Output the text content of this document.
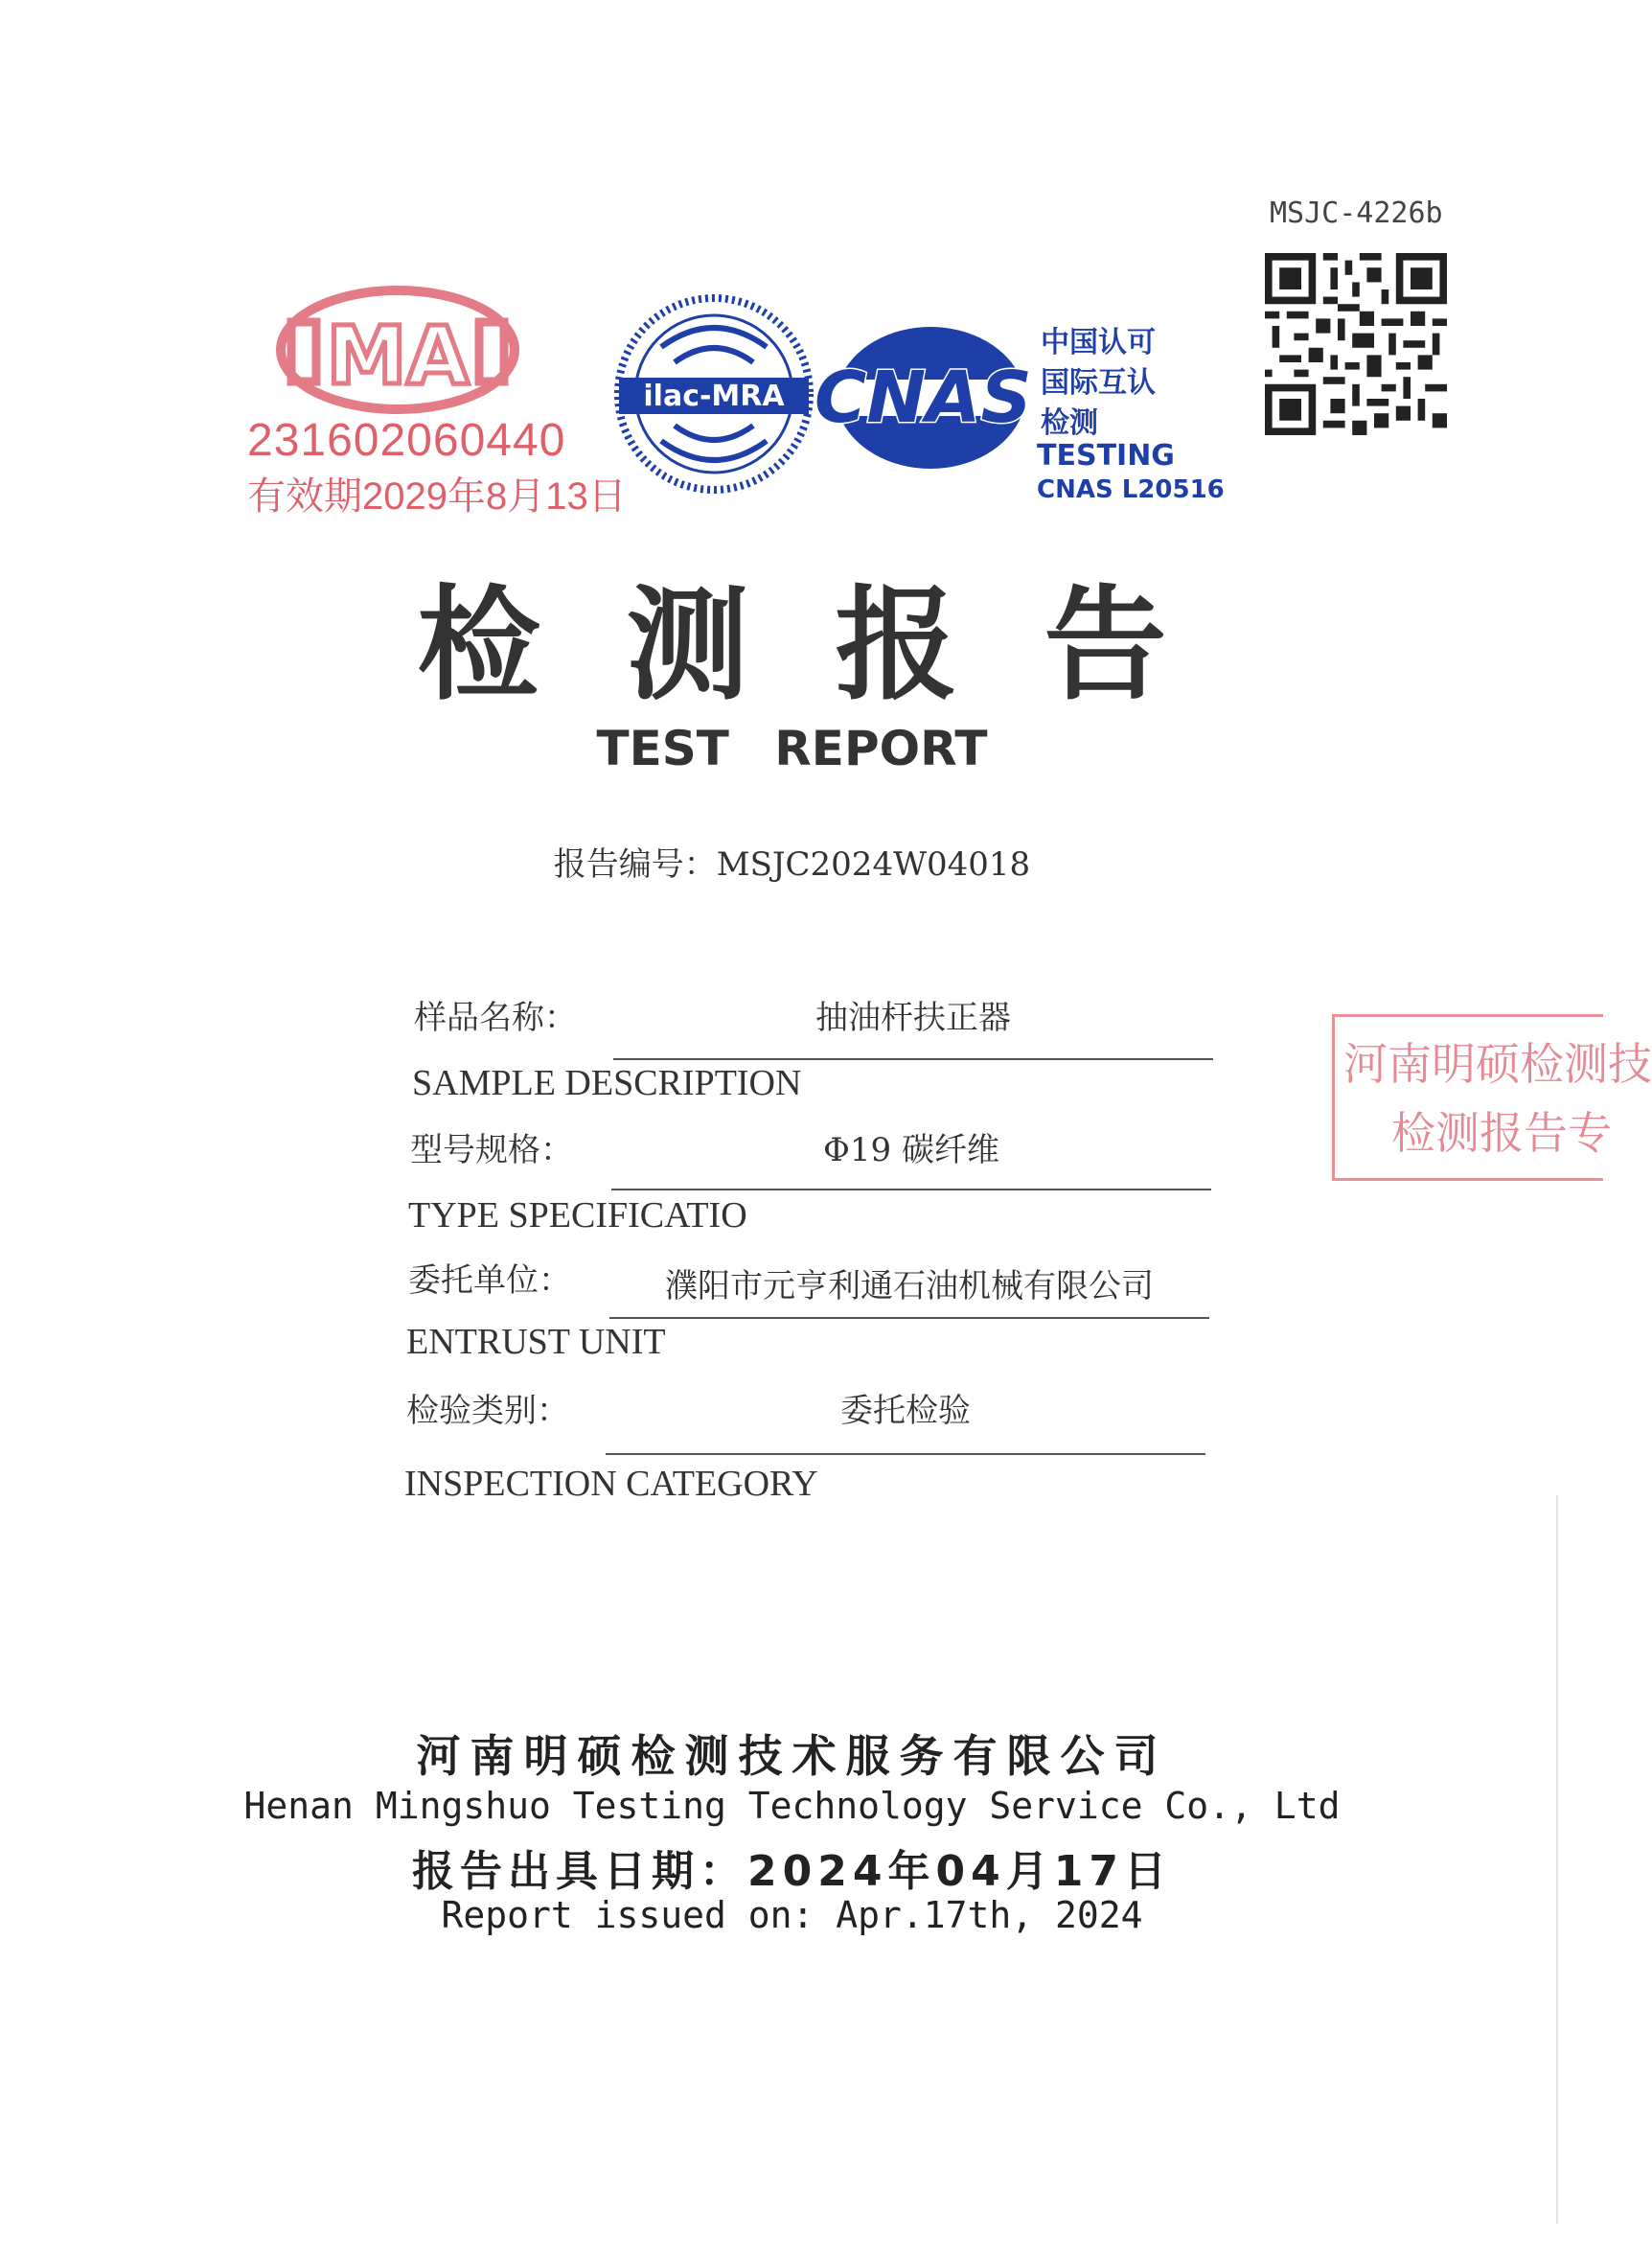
MSJC-4226b
MA
231602060440
有效期2029年8月13日
ilac-MRA CNAS
中国认可
国际互认
检测
TESTING
CNAS L20516
检测报告
TEST REPORT
报告编号：MSJC2024W04018
样品名称：	抽油杆扶正器
SAMPLE DESCRIPTION
型号规格：	Φ19 碳纤维
TYPE SPECIFICATIO
委托单位：	濮阳市元亨利通石油机械有限公司
ENTRUST UNIT
检验类别：	委托检验
INSPECTION CATEGORY
河南明硕检测技
检测报告专
河南明硕检测技术服务有限公司
Henan Mingshuo Testing Technology Service Co., Ltd
报告出具日期：2024年04月17日
Report issued on: Apr.17th, 2024
